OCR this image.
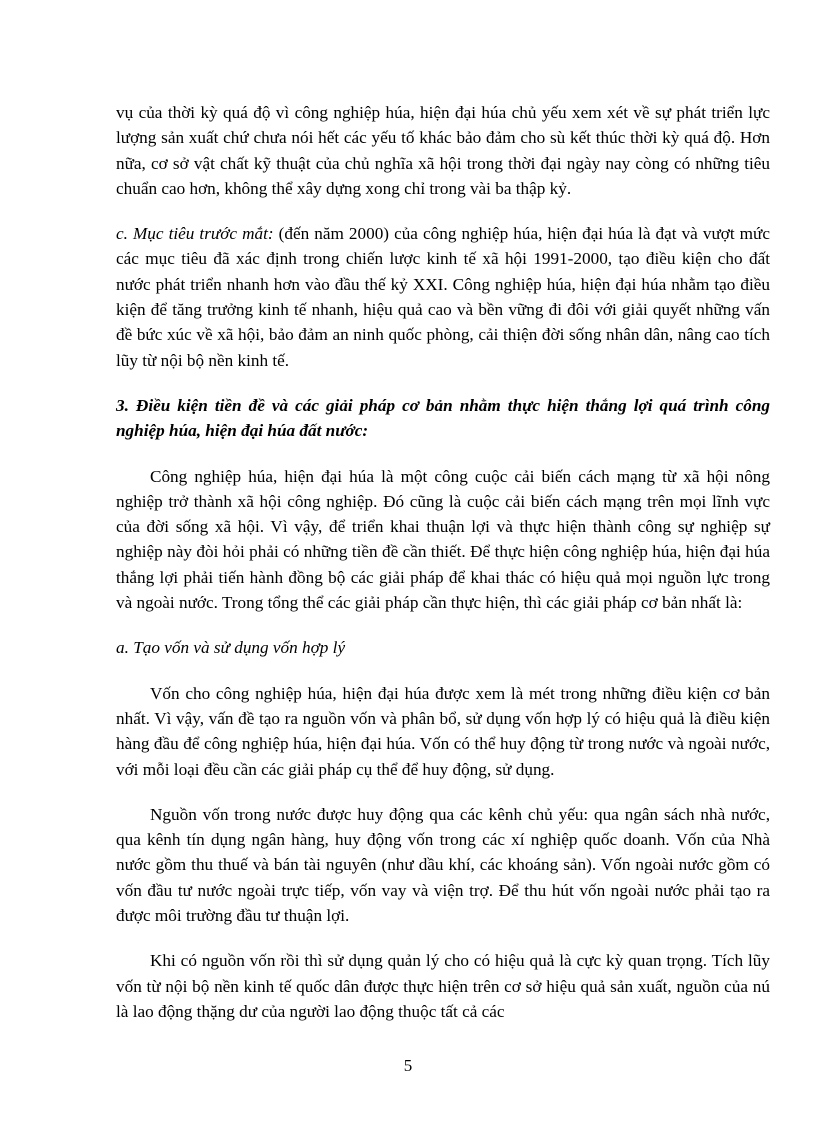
vụ của thời kỳ quá độ vì công nghiệp húa, hiện đại húa chủ yếu xem xét về sự phát triển lực lượng sản xuất chứ chưa nói hết các yếu tố khác bảo đảm cho sù kết thúc thời kỳ quá độ. Hơn nữa, cơ sở vật chất kỹ thuật của chủ nghĩa xã hội trong thời đại ngày nay còng có những tiêu chuẩn cao hơn, không thể xây dựng xong chỉ trong vài ba thập kỷ.

c. Mục tiêu trước mắt: (đến năm 2000) của công nghiệp húa, hiện đại húa là đạt và vượt mức các mục tiêu đã xác định trong chiến lược kinh tế xã hội 1991-2000, tạo điều kiện cho đất nước phát triển nhanh hơn vào đầu thế kỷ XXI. Công nghiệp húa, hiện đại húa nhằm tạo điều kiện để tăng trưởng kinh tế nhanh, hiệu quả cao và bền vững đi đôi với giải quyết những vấn đề bức xúc về xã hội, bảo đảm an ninh quốc phòng, cải thiện đời sống nhân dân, nâng cao tích lũy từ nội bộ nền kinh tế.

3. Điều kiện tiền đề và các giải pháp cơ bản nhằm thực hiện thắng lợi quá trình công nghiệp húa, hiện đại húa đất nước:

Công nghiệp húa, hiện đại húa là một công cuộc cải biến cách mạng từ xã hội nông nghiệp trở thành xã hội công nghiệp. Đó cũng là cuộc cải biến cách mạng trên mọi lĩnh vực của đời sống xã hội. Vì vậy, để triển khai thuận lợi và thực hiện thành công sự nghiệp sự nghiệp này đòi hỏi phải có những tiền đề cần thiết. Để thực hiện công nghiệp húa, hiện đại húa thắng lợi phải tiến hành đồng bộ các giải pháp để khai thác có hiệu quả mọi nguồn lực trong và ngoài nước. Trong tổng thể các giải pháp cần thực hiện, thì các giải pháp cơ bản nhất là:

a. Tạo vốn và sử dụng vốn hợp lý

Vốn cho công nghiệp húa, hiện đại húa được xem là mét trong những điều kiện cơ bản nhất. Vì vậy, vấn đề tạo ra nguồn vốn và phân bổ, sử dụng vốn hợp lý có hiệu quả là điều kiện hàng đầu để công nghiệp húa, hiện đại húa. Vốn có thể huy động từ trong nước và ngoài nước, với mỗi loại đều cần các giải pháp cụ thể để huy động, sử dụng.

Nguồn vốn trong nước được huy động qua các kênh chủ yếu: qua ngân sách nhà nước, qua kênh tín dụng ngân hàng, huy động vốn trong các xí nghiệp quốc doanh. Vốn của Nhà nước gồm thu thuế và bán tài nguyên (như dầu khí, các khoáng sản). Vốn ngoài nước gồm có vốn đầu tư nước ngoài trực tiếp, vốn vay và viện trợ. Để thu hút vốn ngoài nước phải tạo ra được môi trường đầu tư thuận lợi.

Khi có nguồn vốn rồi thì sử dụng quản lý cho có hiệu quả là cực kỳ quan trọng. Tích lũy vốn từ nội bộ nền kinh tế quốc dân được thực hiện trên cơ sở hiệu quả sản xuất, nguồn của nú là lao động thặng dư của người lao động thuộc tất cả các

5
